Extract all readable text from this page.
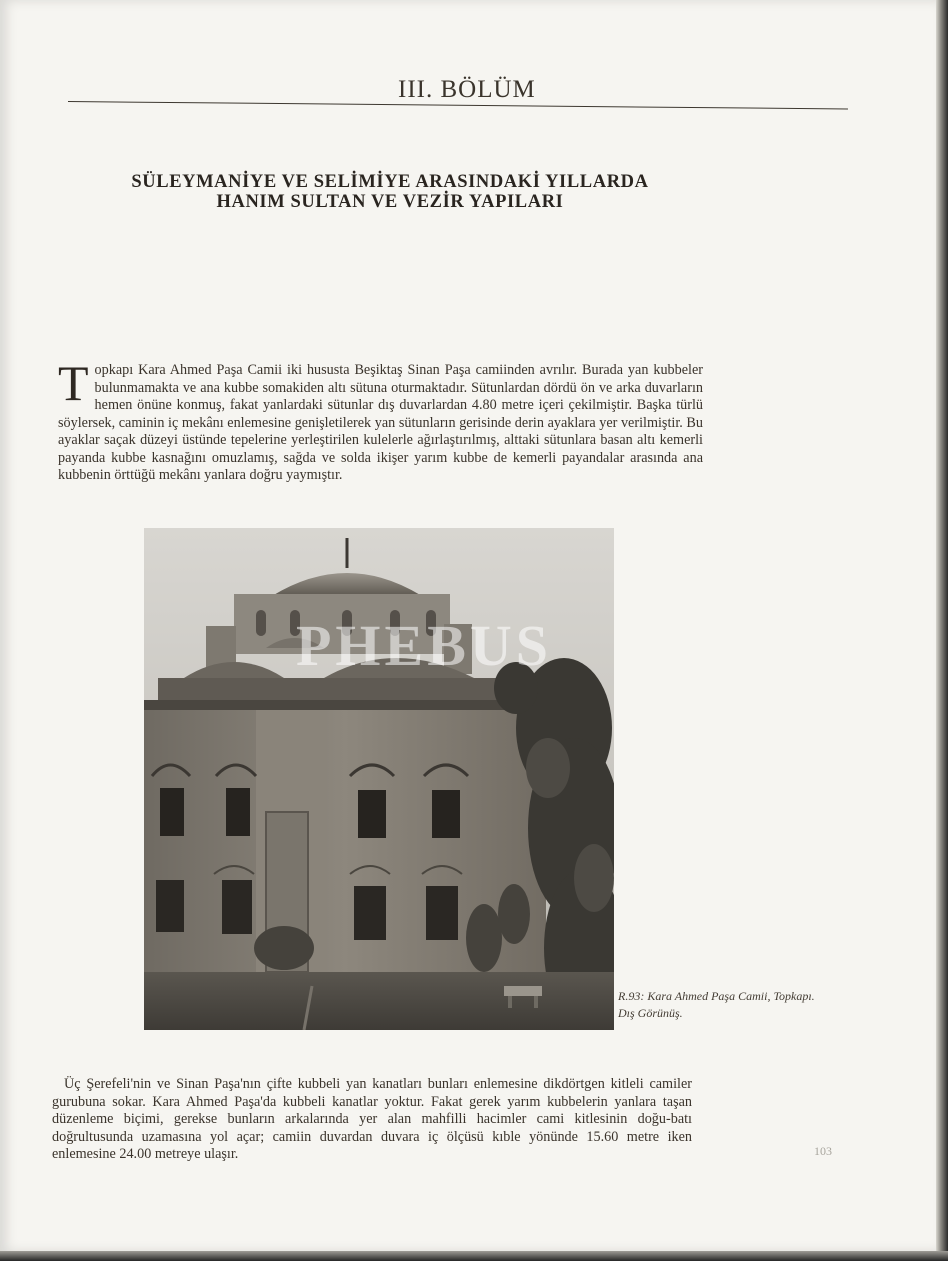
III. BÖLÜM
SÜLEYMANİYE VE SELİMİYE ARASINDAKİ YILLARDA
HANIM SULTAN VE VEZİR YAPILARI
Topkapı Kara Ahmed Paşa Camii iki hususta Beşiktaş Sinan Paşa camiinden avrılır. Burada yan kubbeler bulunmamakta ve ana kubbe somakiden altı sütuna oturmaktadır. Sütunlardan dördü ön ve arka duvarların hemen önüne konmuş, fakat yanlardaki sütunlar dış duvarlardan 4.80 metre içeri çekilmiştir. Başka türlü söylersek, caminin iç mekânı enlemesine genişletilerek yan sütunların gerisinde derin ayaklara yer verilmiştir. Bu ayaklar saçak düzeyi üstünde tepelerine yerleştirilen kulelerle ağırlaştırılmış, alttaki sütunlara basan altı kemerli payanda kubbe kasnağını omuzlamış, sağda ve solda ikişer yarım kubbe de kemerli payandalar arasında ana kubbenin örttüğü mekânı yanlara doğru yaymıştır.
PHEBUS
R.93: Kara Ahmed Paşa Camii, Topkapı. Dış Görünüş.
Üç Şerefeli'nin ve Sinan Paşa'nın çifte kubbeli yan kanatları bunları enlemesine dikdörtgen kitleli camiler gurubuna sokar. Kara Ahmed Paşa'da kubbeli kanatlar yoktur. Fakat gerek yarım kubbelerin yanlara taşan düzenleme biçimi, gerekse bunların arkalarında yer alan mahfilli hacimler cami kitlesinin doğu-batı doğrultusunda uzamasına yol açar; camiin duvardan duvara iç ölçüsü kıble yönünde 15.60 metre iken enlemesine 24.00 metreye ulaşır.	103
